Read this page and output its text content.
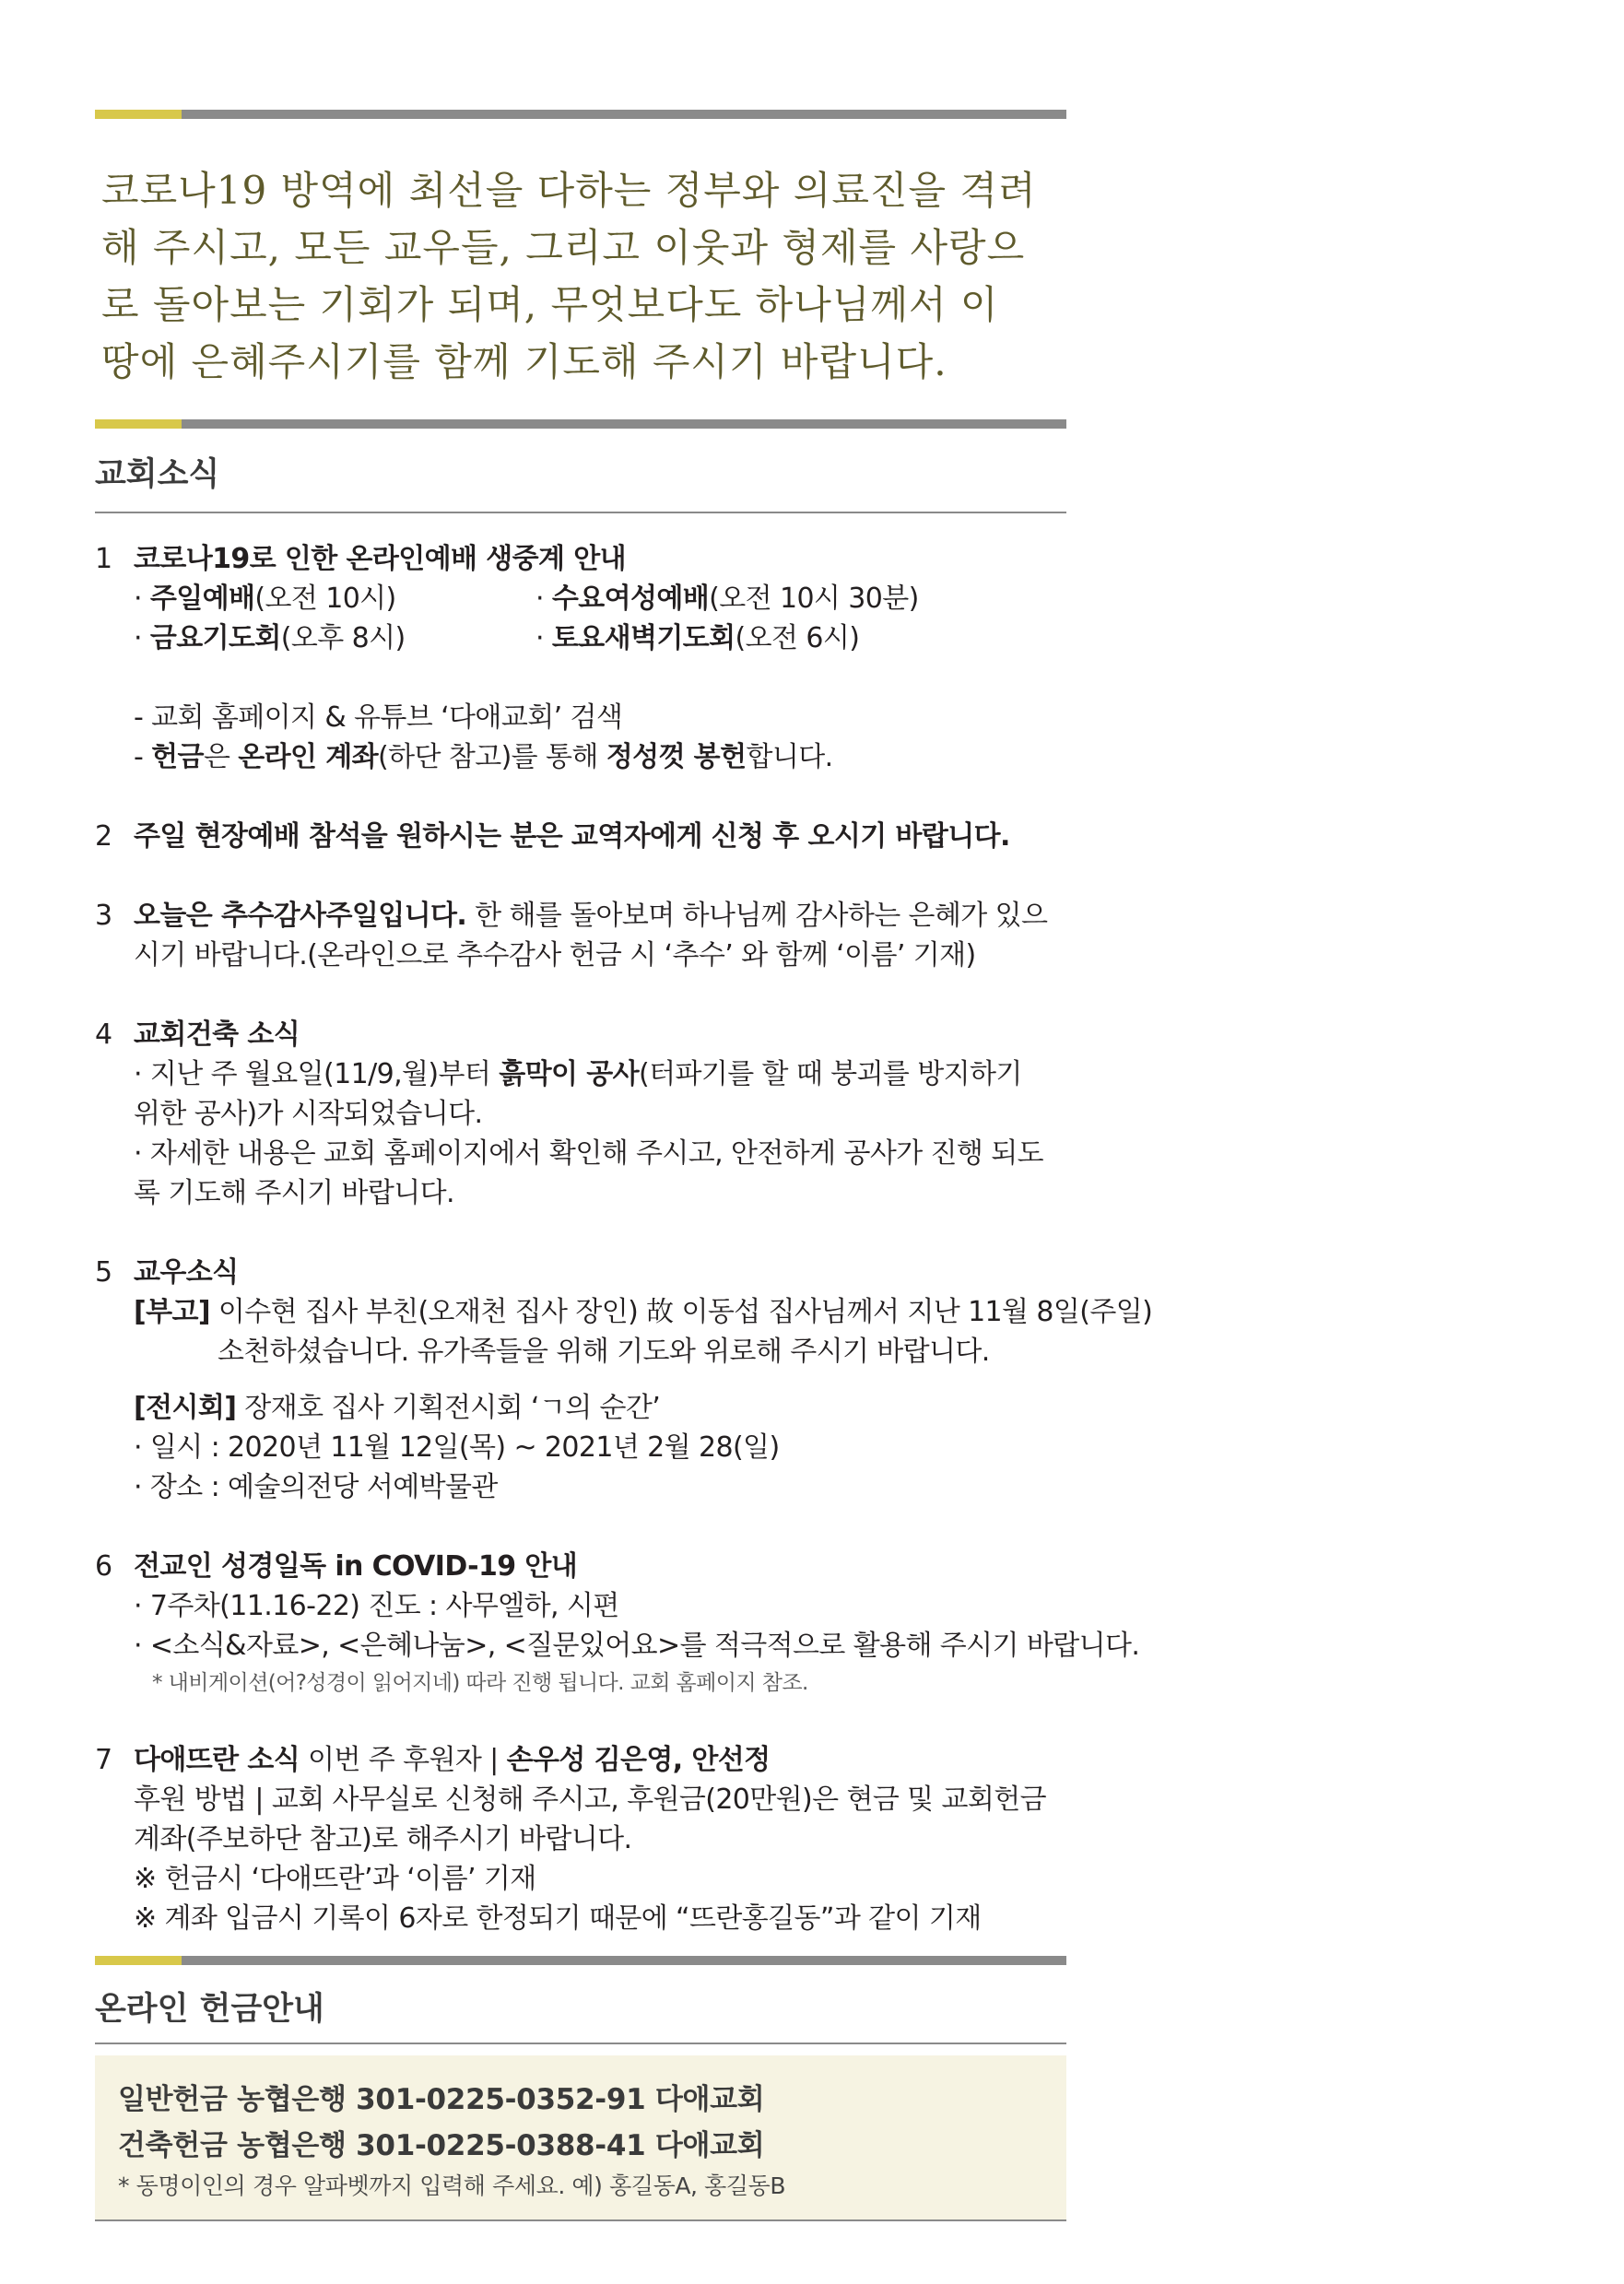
코로나19 방역에 최선을 다하는 정부와 의료진을 격려
해 주시고, 모든 교우들, 그리고 이웃과 형제를 사랑으
로 돌아보는 기회가 되며, 무엇보다도 하나님께서 이
땅에 은혜주시기를 함께 기도해 주시기 바랍니다.
교회소식
1 코로나19로 인한 온라인예배 생중계 안내
· 주일예배(오전 10시)	· 수요여성예배(오전 10시 30분)
· 금요기도회(오후 8시)	· 토요새벽기도회(오전 6시)
- 교회 홈페이지 & 유튜브 ‘다애교회’ 검색
- 헌금은 온라인 계좌(하단 참고)를 통해 정성껏 봉헌합니다.
2 주일 현장예배 참석을 원하시는 분은 교역자에게 신청 후 오시기 바랍니다.
3 오늘은 추수감사주일입니다. 한 해를 돌아보며 하나님께 감사하는 은혜가 있으
시기 바랍니다.(온라인으로 추수감사 헌금 시 ‘추수’ 와 함께 ‘이름’ 기재)
4 교회건축 소식
· 지난 주 월요일(11/9,월)부터 흙막이 공사(터파기를 할 때 붕괴를 방지하기
위한 공사)가 시작되었습니다.
· 자세한 내용은 교회 홈페이지에서 확인해 주시고, 안전하게 공사가 진행 되도
록 기도해 주시기 바랍니다.
5 교우소식
[부고] 이수현 집사 부친(오재천 집사 장인) 故 이동섭 집사님께서 지난 11월 8일(주일)
소천하셨습니다. 유가족들을 위해 기도와 위로해 주시기 바랍니다.
[전시회] 장재호 집사 기획전시회 ‘ㄱ의 순간’
· 일시 : 2020년 11월 12일(목) ~ 2021년 2월 28(일)
· 장소 : 예술의전당 서예박물관
6 전교인 성경일독 in COVID-19 안내
· 7주차(11.16-22) 진도 : 사무엘하, 시편
· <소식&자료>, <은혜나눔>, <질문있어요>를 적극적으로 활용해 주시기 바랍니다.
* 내비게이션(어?성경이 읽어지네) 따라 진행 됩니다. 교회 홈페이지 참조.
7 다애뜨란 소식 이번 주 후원자 | 손우성 김은영, 안선정
후원 방법 | 교회 사무실로 신청해 주시고, 후원금(20만원)은 현금 및 교회헌금
계좌(주보하단 참고)로 해주시기 바랍니다.
※ 헌금시 ‘다애뜨란’과 ‘이름’ 기재
※ 계좌 입금시 기록이 6자로 한정되기 때문에 “뜨란홍길동”과 같이 기재
온라인 헌금안내
일반헌금 농협은행 301-0225-0352-91 다애교회
건축헌금 농협은행 301-0225-0388-41 다애교회
* 동명이인의 경우 알파벳까지 입력해 주세요. 예) 홍길동A, 홍길동B
